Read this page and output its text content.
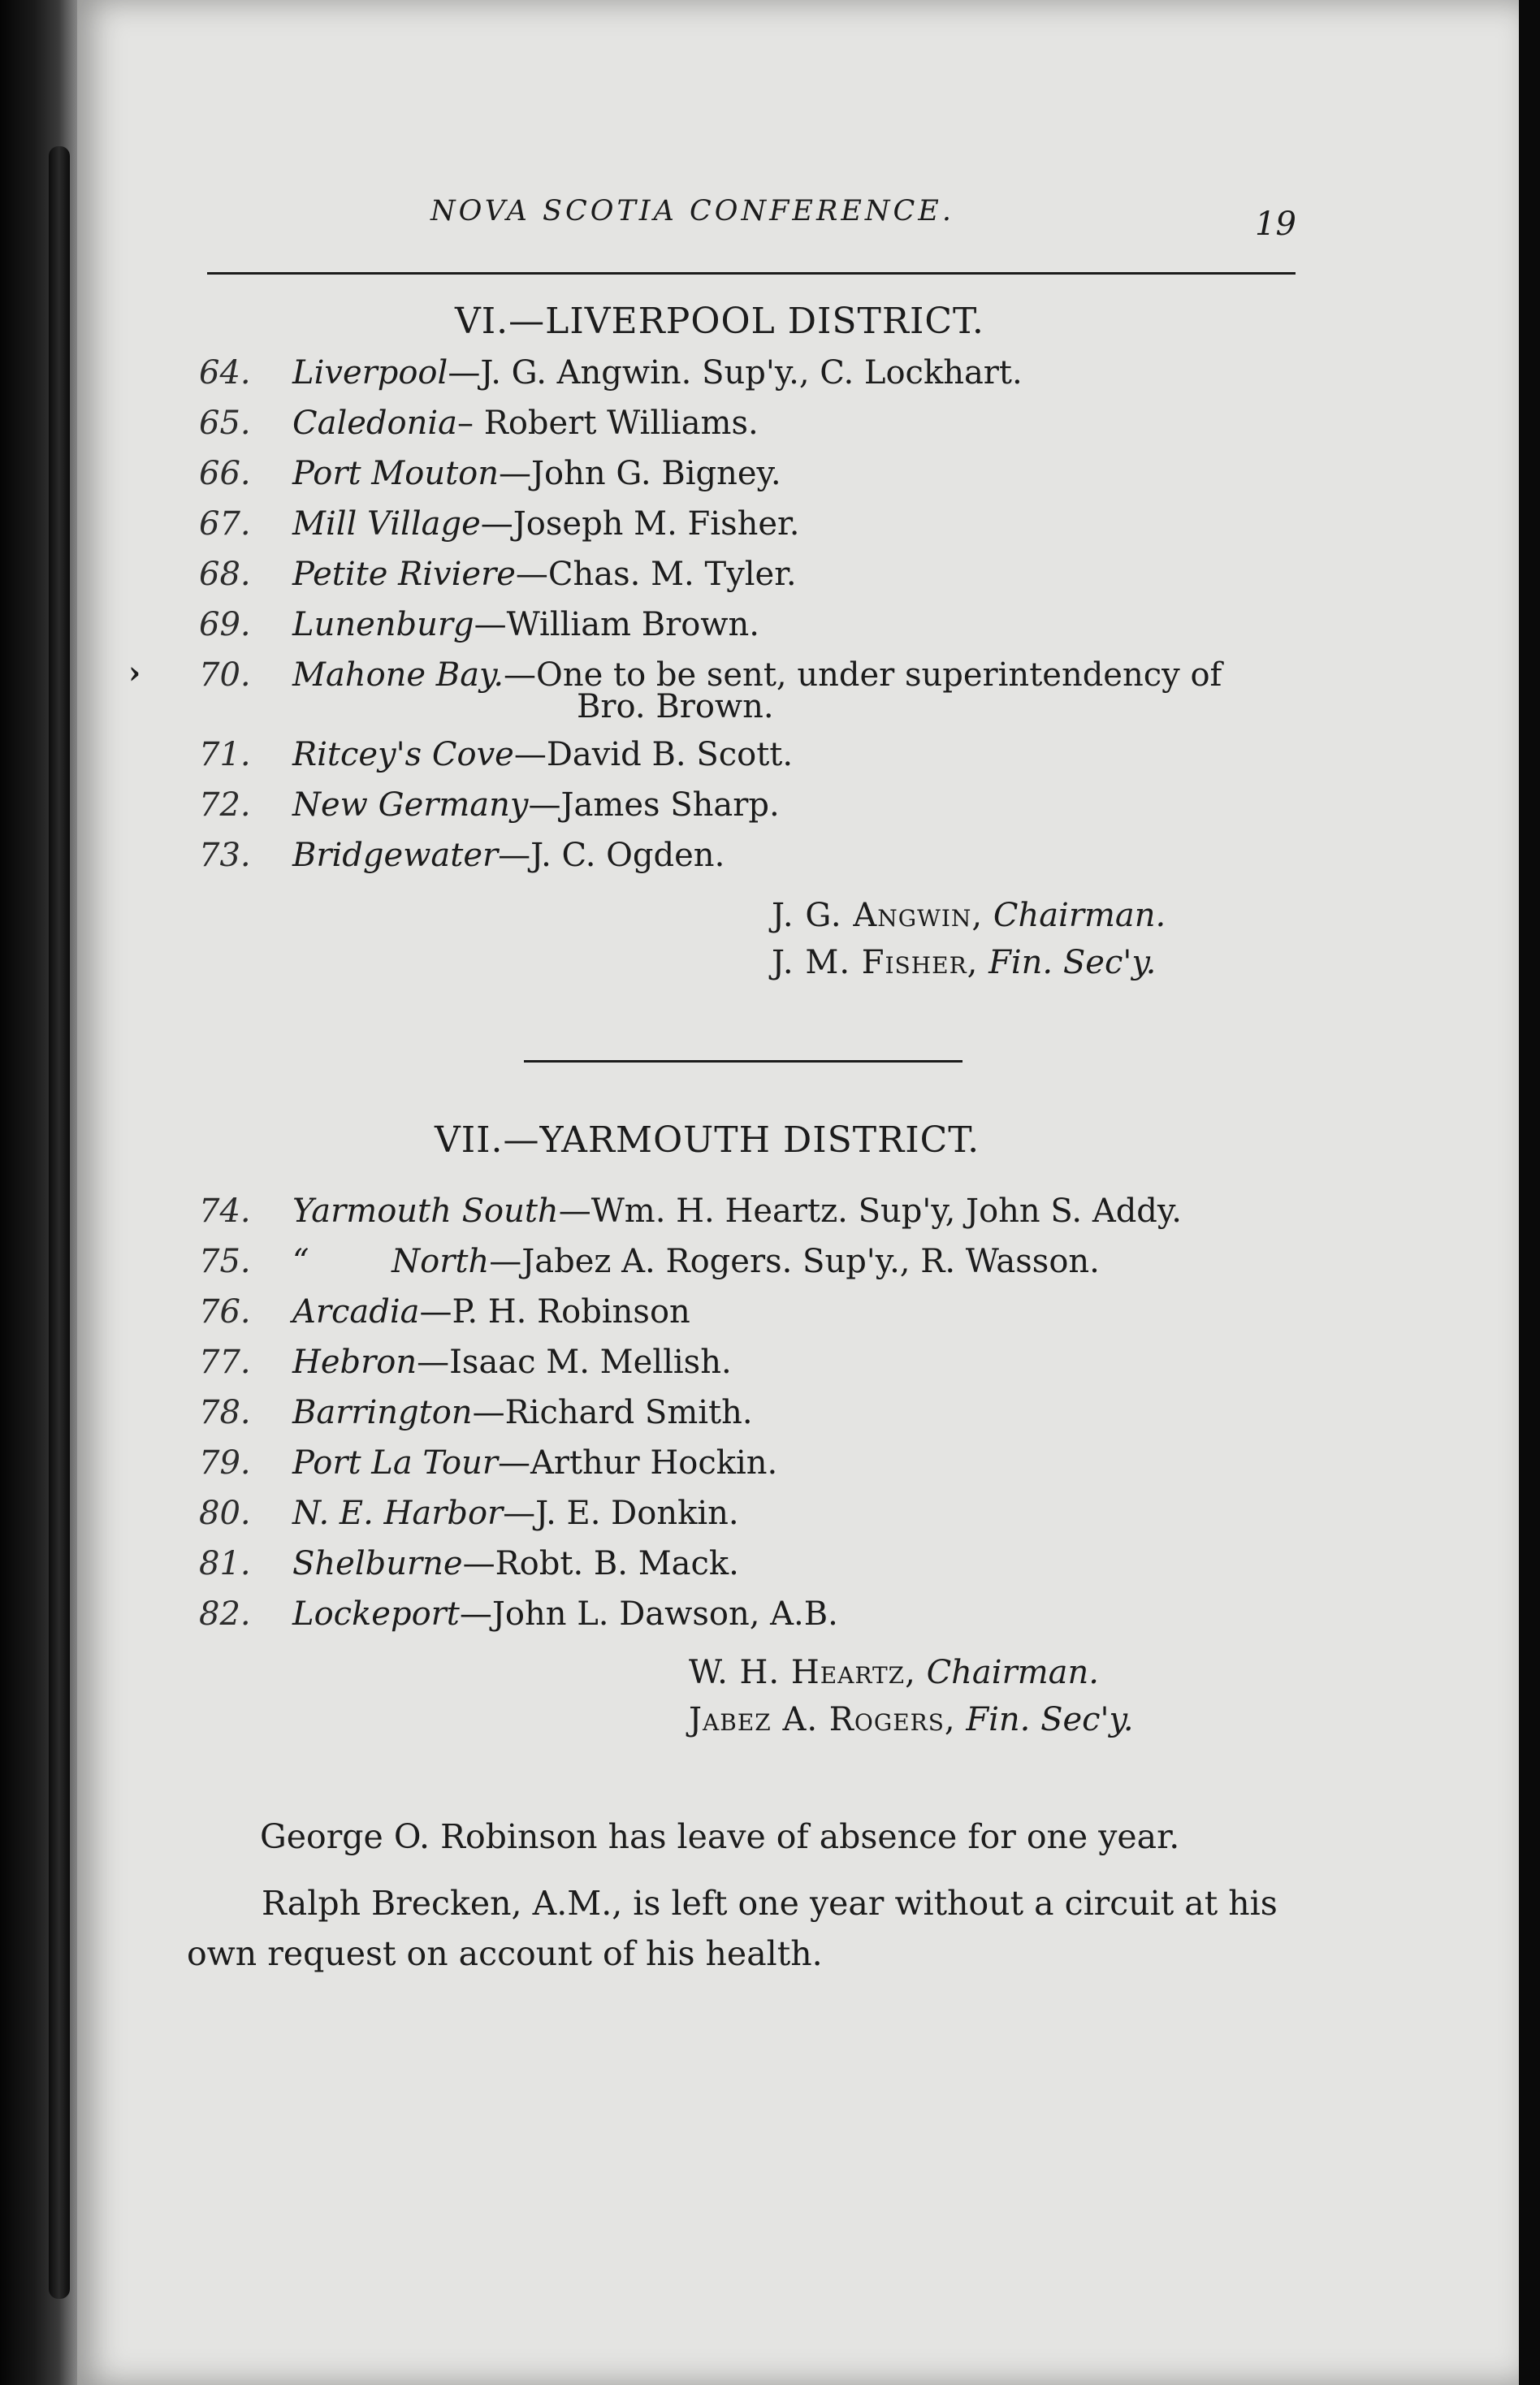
NOVA SCOTIA CONFERENCE.	19
VI.—LIVERPOOL DISTRICT.
64. Liverpool—J. G. Angwin. Sup'y., C. Lockhart.
65. Caledonia– Robert Williams.
66. Port Mouton—John G. Bigney.
67. Mill Village—Joseph M. Fisher.
68. Petite Riviere—Chas. M. Tyler.
69. Lunenburg—William Brown.
70. Mahone Bay.—One to be sent, under superintendency of
Bro. Brown.
71. Ritcey's Cove—David B. Scott.
72. New Germany—James Sharp.
73. Bridgewater—J. C. Ogden.
›
J. G. Angwin, Chairman.
J. M. Fisher, Fin. Sec'y.
VII.—YARMOUTH DISTRICT.
74. Yarmouth South—Wm. H. Heartz. Sup'y, John S. Addy.
75. “        North—Jabez A. Rogers. Sup'y., R. Wasson.
76. Arcadia—P. H. Robinson
77. Hebron—Isaac M. Mellish.
78. Barrington—Richard Smith.
79. Port La Tour—Arthur Hockin.
80. N. E. Harbor—J. E. Donkin.
81. Shelburne—Robt. B. Mack.
82. Lockeport—John L. Dawson, A.B.
W. H. Heartz, Chairman.
Jabez A. Rogers, Fin. Sec'y.

George O. Robinson has leave of absence for one year.

Ralph Brecken, A.M., is left one year without a circuit at his own request on account of his health.
